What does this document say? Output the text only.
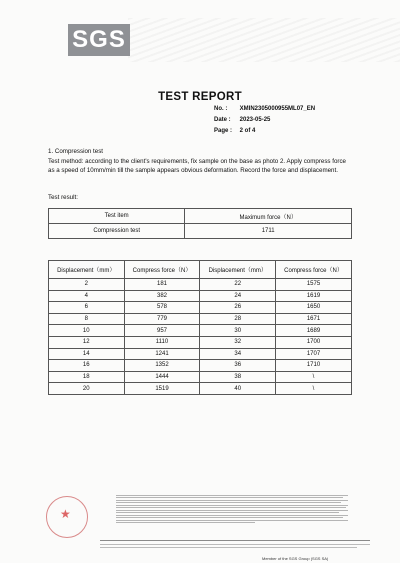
SGS
TEST REPORT
No. : XMIN2305000955ML07_EN
Date : 2023-05-25
Page : 2 of 4
1. Compression test
Test method: according to the client's requirements, fix sample on the base as photo 2. Apply compress force as a speed of 10mm/min till the sample appears obvious deformation. Record the force and displacement.
Test result:
Test item	Maximum force（N）
Compression test	1711
Displacement（mm）	Compress force（N）	Displacement（mm）	Compress force（N）
2	181	22	1575
4	382	24	1619
6	578	26	1650
8	779	28	1671
10	957	30	1689
12	1110	32	1700
14	1241	34	1707
16	1352	36	1710
18	1444	38	\
20	1519	40	\
★
Member of the SGS Group (SGS SA)
